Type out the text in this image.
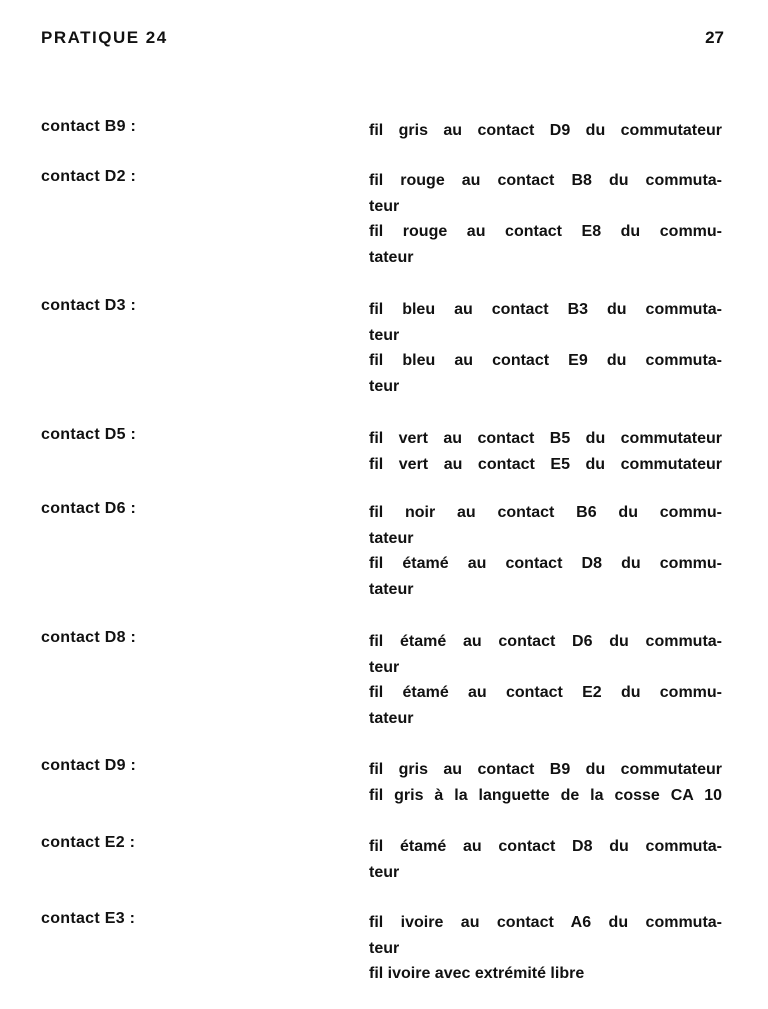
PRATIQUE 24	27
contact B9 :	fil gris au contact D9 du commutateur
contact D2 :	fil rouge au contact B8 du commuta-
teur
fil rouge au contact E8 du commu-
tateur
contact D3 :	fil bleu au contact B3 du commuta-
teur
fil bleu au contact E9 du commuta-
teur
contact D5 :	fil vert au contact B5 du commutateur
fil vert au contact E5 du commutateur
contact D6 :	fil noir au contact B6 du commu-
tateur
fil étamé au contact D8 du commu-
tateur
contact D8 :	fil étamé au contact D6 du commuta-
teur
fil étamé au contact E2 du commu-
tateur
contact D9 :	fil gris au contact B9 du commutateur
fil gris à la languette de la cosse CA 10
contact E2 :	fil étamé au contact D8 du commuta-
teur
contact E3 :	fil ivoire au contact A6 du commuta-
teur
fil ivoire avec extrémité libre
